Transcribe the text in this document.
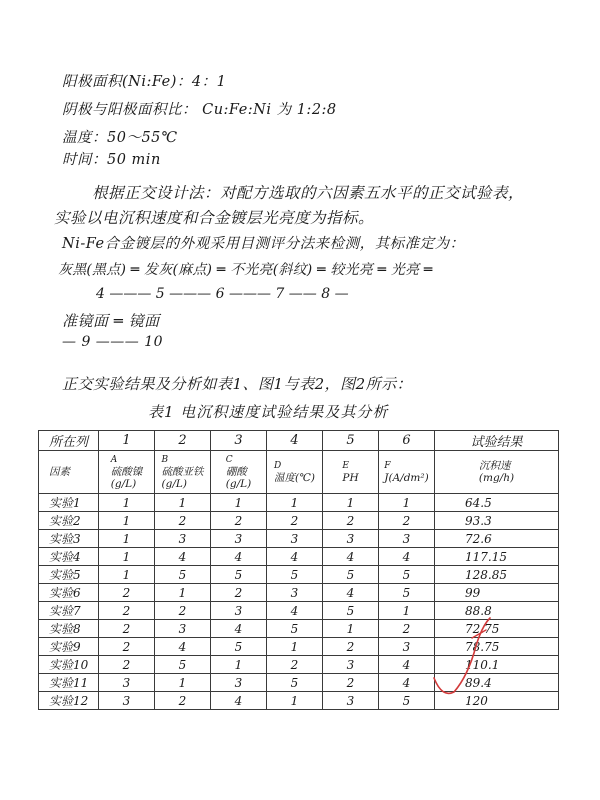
阳极面积(Ni:Fe)：4：1
阴极与阳极面积比： Cu:Fe:Ni 为 1:2:8
温度：50～55℃
时间：50 min
根据正交设计法：对配方选取的六因素五水平的正交试验表，
实验以电沉积速度和合金镀层光亮度为指标。
Ni-Fe合金镀层的外观采用目测评分法来检测，其标准定为：
灰黑(黑点) ═ 发灰(麻点) ═ 不光亮(斜纹) ═ 较光亮 ═ 光亮 ═
4 ——— 5 ——— 6 ——— 7 —— 8 —
准镜面 ═ 镜面
— 9 ——— 10
正交实验结果及分析如表1、图1与表2，图2所示：
表1 电沉积速度试验结果及其分析
所在列	1	2	3	4	5	6	试验结果
因素	A
硫酸镍
(g/L)	B
硫酸亚铁
(g/L)	C
硼酸
(g/L)	D
温度(℃)	E
PH	F
J(A/dm²)	沉积速
(mg/h)
实验1	1	1	1	1	1	1	64.5
实验2	1	2	2	2	2	2	93.3
实验3	1	3	3	3	3	3	72.6
实验4	1	4	4	4	4	4	117.15
实验5	1	5	5	5	5	5	128.85
实验6	2	1	2	3	4	5	99
实验7	2	2	3	4	5	1	88.8
实验8	2	3	4	5	1	2	72.75
实验9	2	4	5	1	2	3	78.75
实验10	2	5	1	2	3	4	110.1
实验11	3	1	3	5	2	4	89.4
实验12	3	2	4	1	3	5	120
